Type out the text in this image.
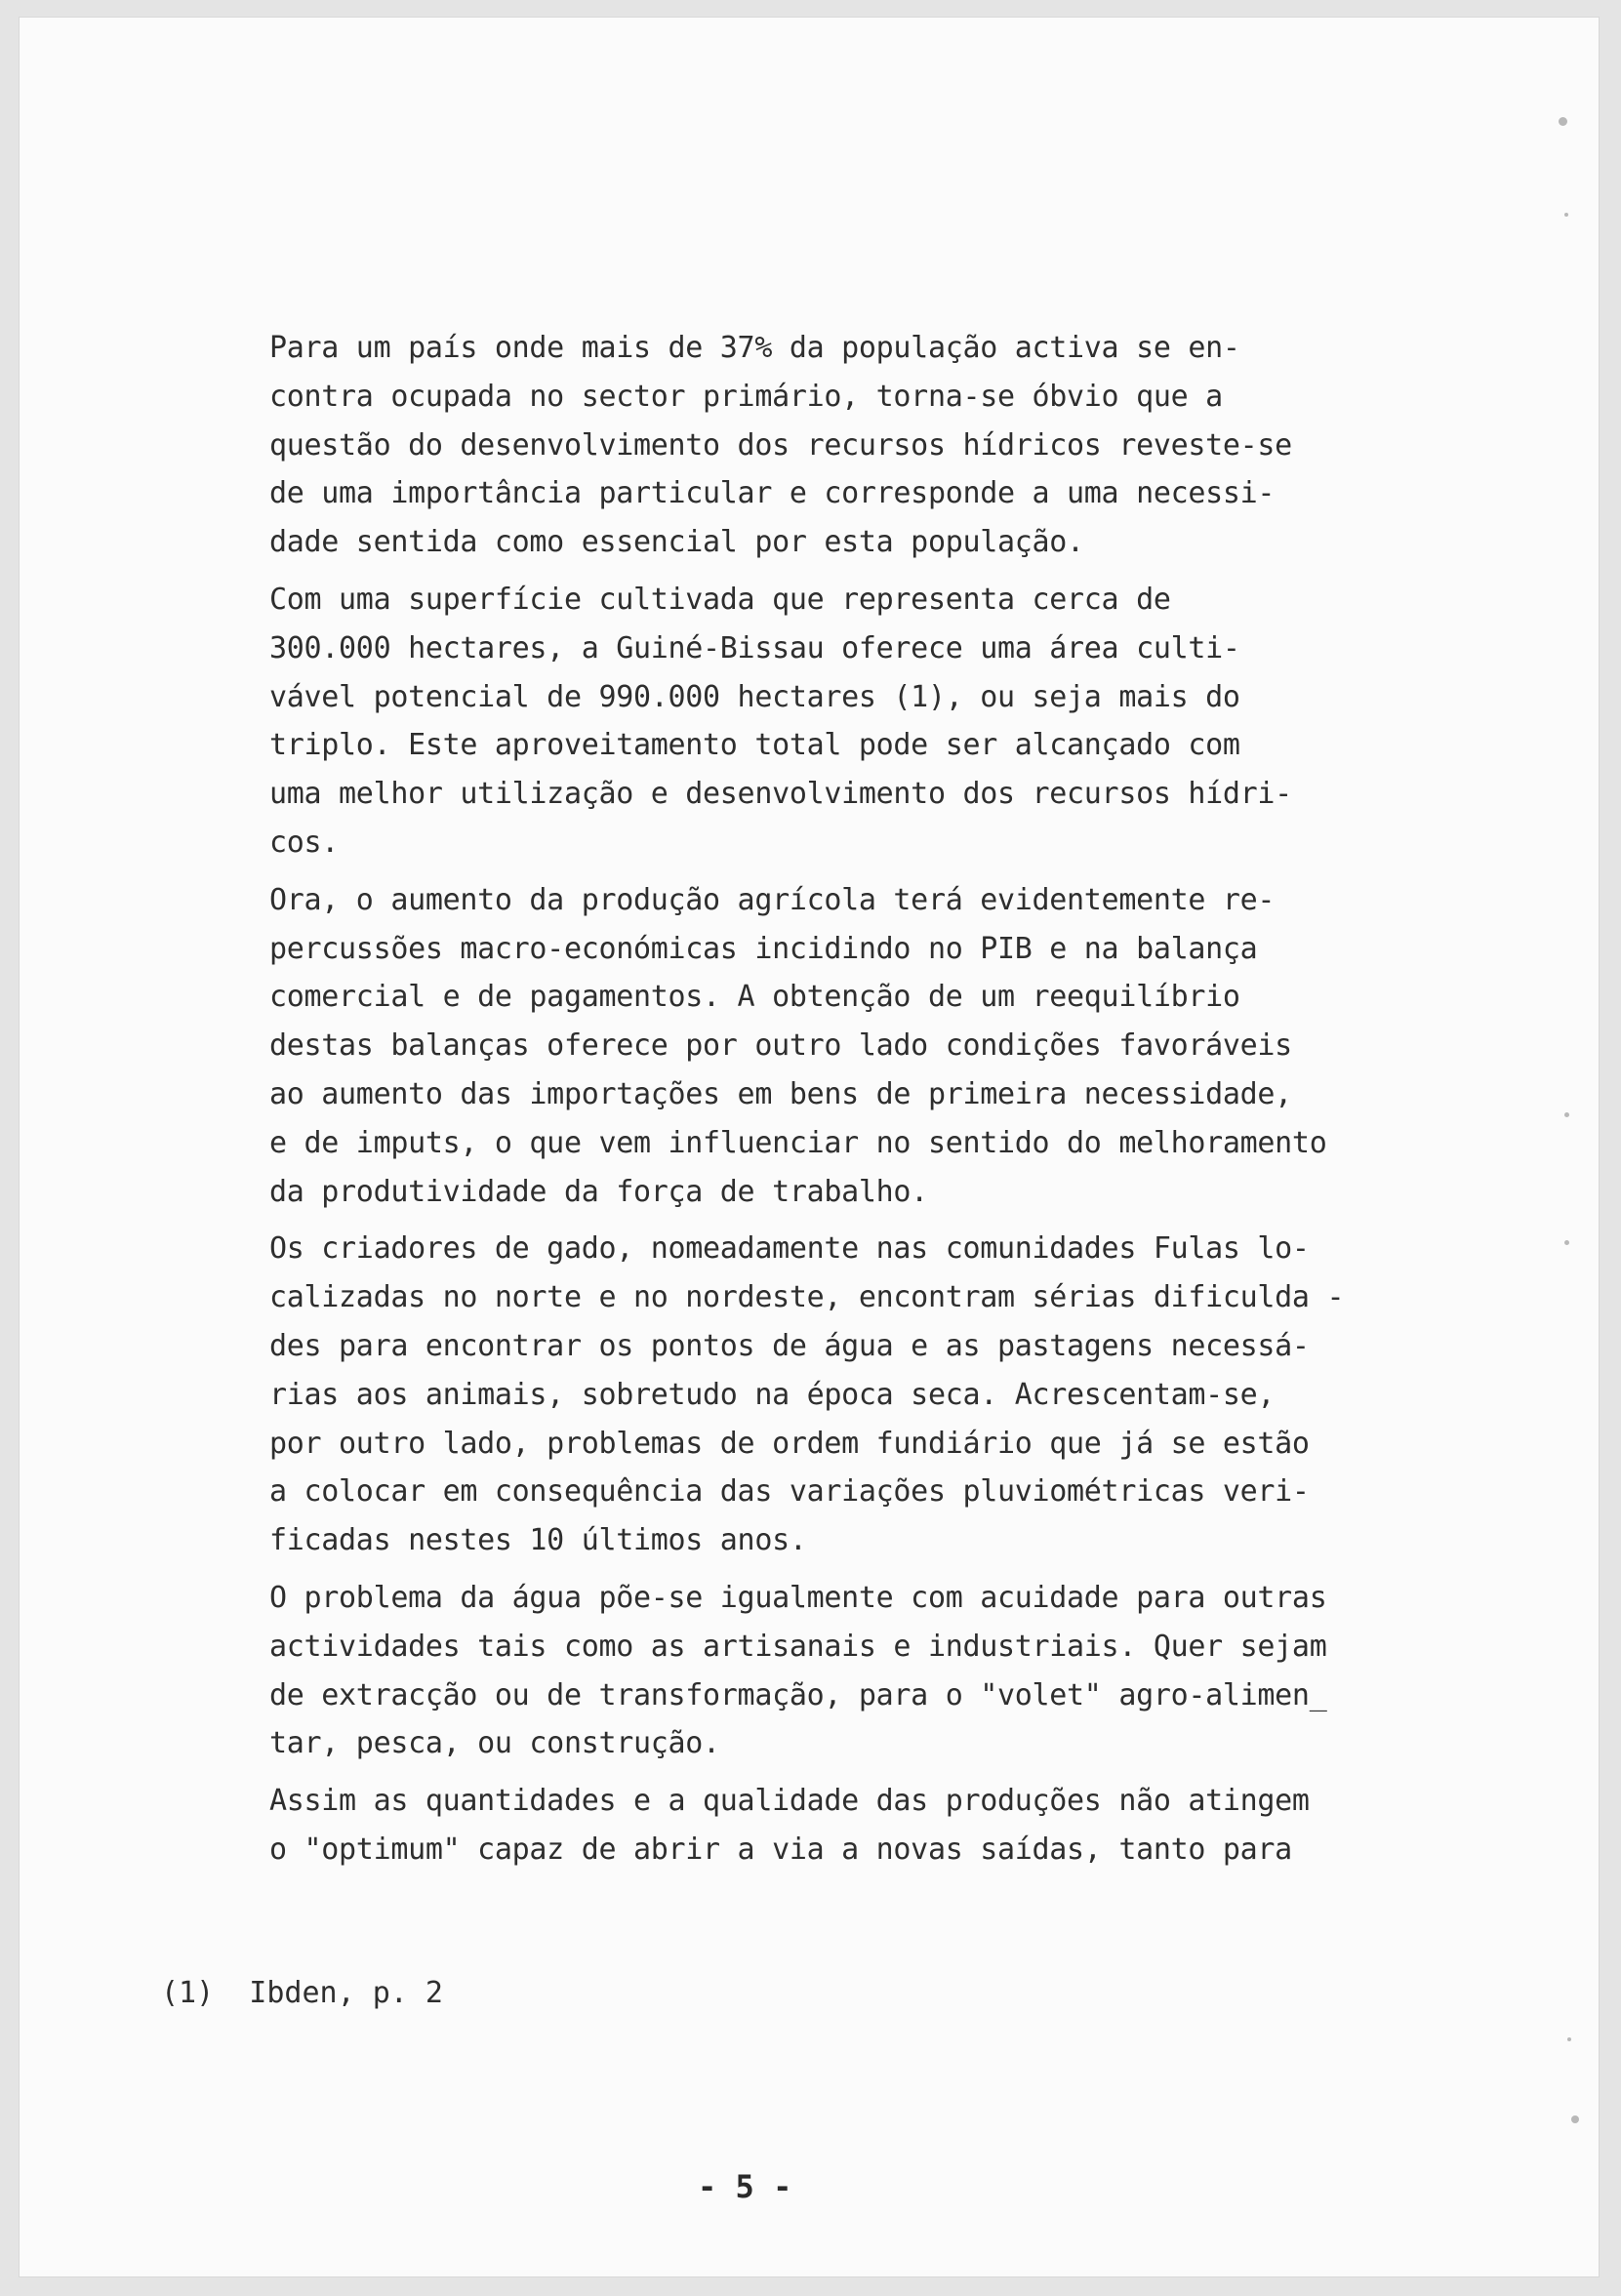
Para um país onde mais de 37% da população activa se en-
contra ocupada no sector primário, torna-se óbvio que a
questão do desenvolvimento dos recursos hídricos reveste-se
de uma importância particular e corresponde a uma necessi-
dade sentida como essencial por esta população.
Com uma superfície cultivada que representa cerca de
300.000 hectares, a Guiné-Bissau oferece uma área culti-
vável potencial de 990.000 hectares (1), ou seja mais do
triplo. Este aproveitamento total pode ser alcançado com
uma melhor utilização e desenvolvimento dos recursos hídri-
cos.
Ora, o aumento da produção agrícola terá evidentemente re-
percussões macro-económicas incidindo no PIB e na balança
comercial e de pagamentos. A obtenção de um reequilíbrio
destas balanças oferece por outro lado condições favoráveis
ao aumento das importações em bens de primeira necessidade,
e de imputs, o que vem influenciar no sentido do melhoramento
da produtividade da força de trabalho.
Os criadores de gado, nomeadamente nas comunidades Fulas lo-
calizadas no norte e no nordeste, encontram sérias dificulda -
des para encontrar os pontos de água e as pastagens necessá-
rias aos animais, sobretudo na época seca. Acrescentam-se,
por outro lado, problemas de ordem fundiário que já se estão
a colocar em consequência das variações pluviométricas veri-
ficadas nestes 10 últimos anos.
O problema da água põe-se igualmente com acuidade para outras
actividades tais como as artisanais e industriais. Quer sejam
de extracção ou de transformação, para o "volet" agro-alimen_
tar, pesca, ou construção.
Assim as quantidades e a qualidade das produções não atingem
o "optimum" capaz de abrir a via a novas saídas, tanto para
(1)  Ibden, p. 2
- 5 -
